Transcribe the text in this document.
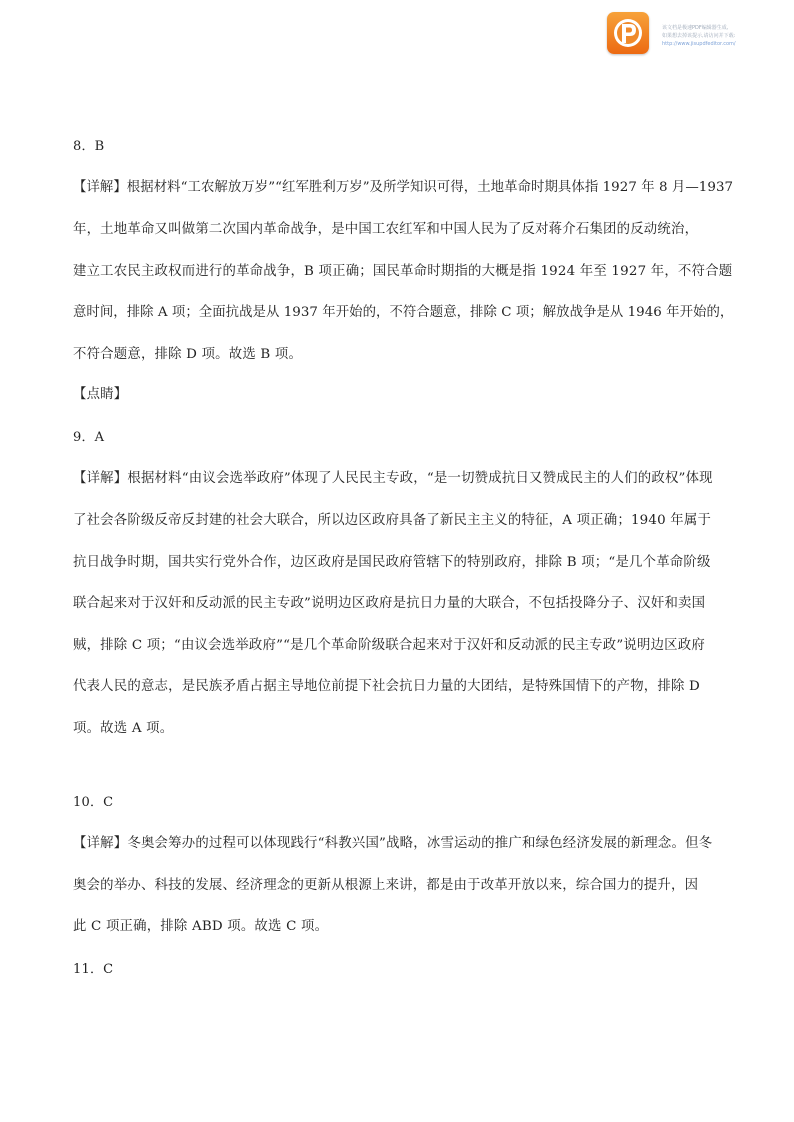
该文档是极速PDF编辑器生成,
如果想去掉该提示,请访问并下载:
http://www.jisupdfeditor.com/
8．B
【详解】根据材料“工农解放万岁”“红军胜利万岁”及所学知识可得，土地革命时期具体指 1927 年 8 月—1937
年，土地革命又叫做第二次国内革命战争，是中国工农红军和中国人民为了反对蒋介石集团的反动统治，
建立工农民主政权而进行的革命战争，B 项正确；国民革命时期指的大概是指 1924 年至 1927 年，不符合题
意时间，排除 A 项；全面抗战是从 1937 年开始的，不符合题意，排除 C 项；解放战争是从 1946 年开始的，
不符合题意，排除 D 项。故选 B 项。
【点睛】
9．A
【详解】根据材料“由议会选举政府”体现了人民民主专政，“是一切赞成抗日又赞成民主的人们的政权”体现
了社会各阶级反帝反封建的社会大联合，所以边区政府具备了新民主主义的特征，A 项正确；1940 年属于
抗日战争时期，国共实行党外合作，边区政府是国民政府管辖下的特别政府，排除 B 项；“是几个革命阶级
联合起来对于汉奸和反动派的民主专政”说明边区政府是抗日力量的大联合，不包括投降分子、汉奸和卖国
贼，排除 C 项；“由议会选举政府”“是几个革命阶级联合起来对于汉奸和反动派的民主专政”说明边区政府
代表人民的意志，是民族矛盾占据主导地位前提下社会抗日力量的大团结，是特殊国情下的产物，排除 D
项。故选 A 项。
10．C
【详解】冬奥会筹办的过程可以体现践行“科教兴国”战略，冰雪运动的推广和绿色经济发展的新理念。但冬
奥会的举办、科技的发展、经济理念的更新从根源上来讲，都是由于改革开放以来，综合国力的提升，因
此 C 项正确，排除 ABD 项。故选 C 项。
11．C
